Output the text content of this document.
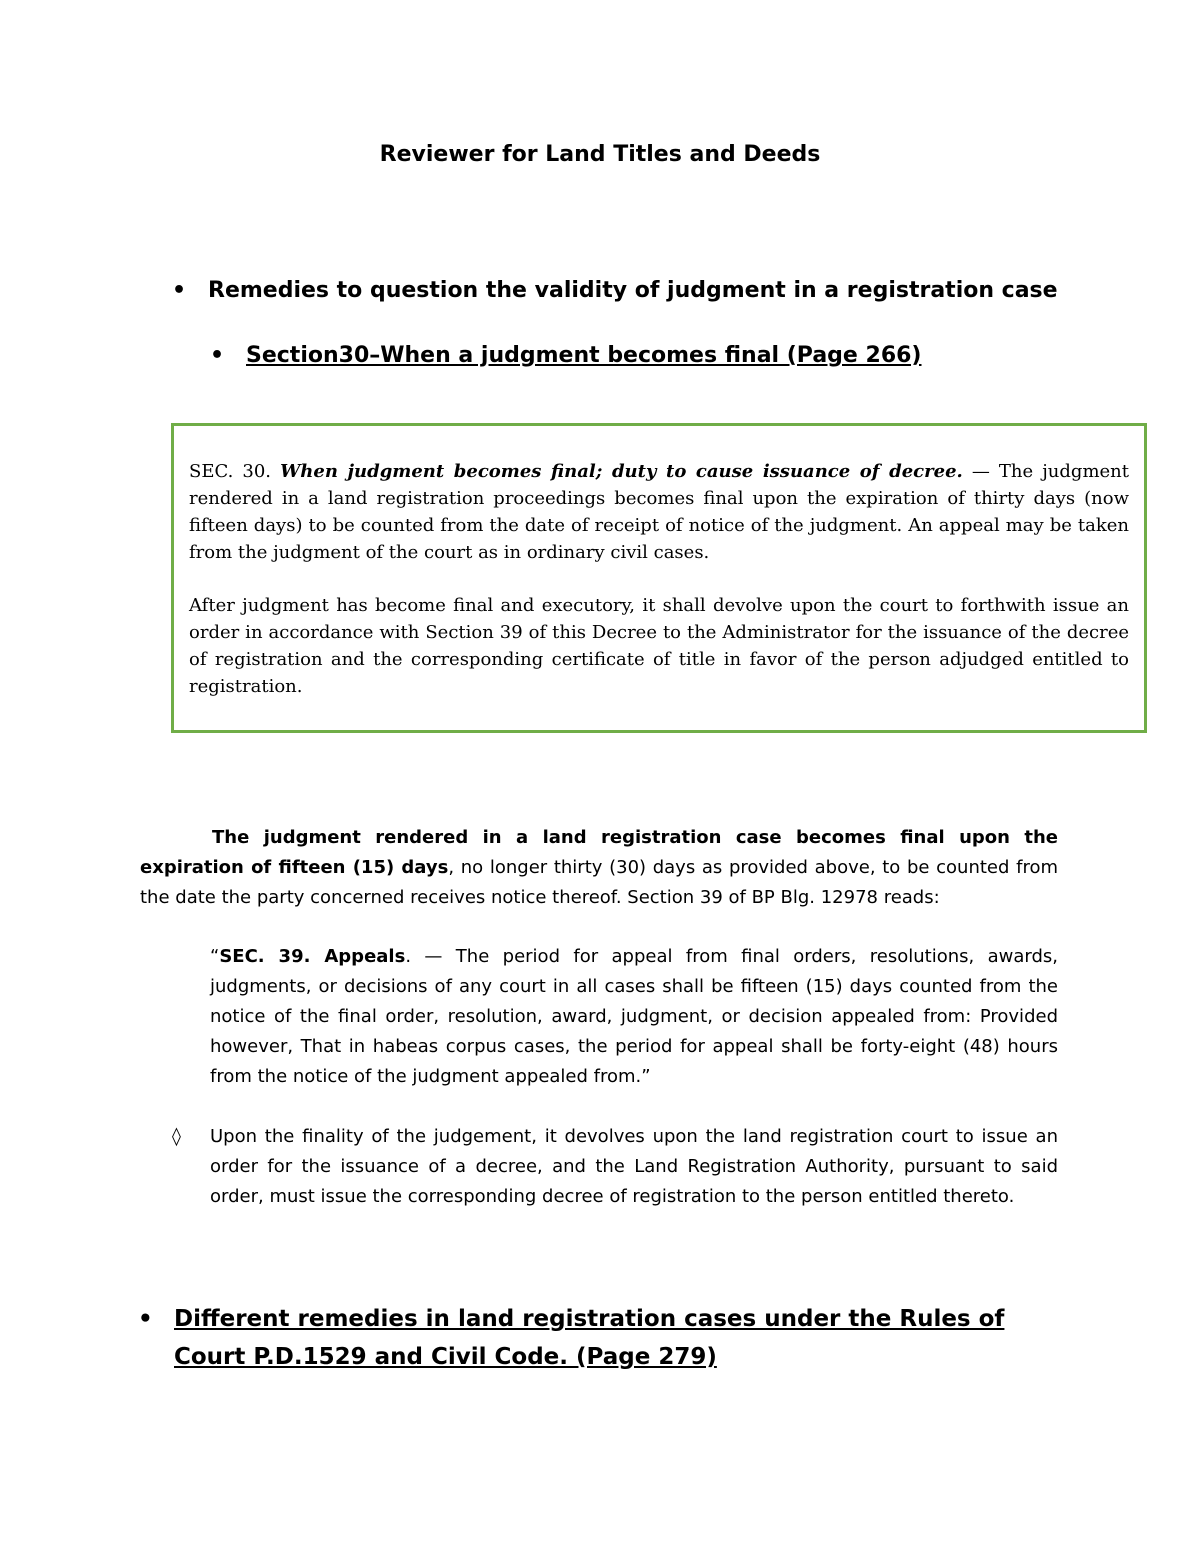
Reviewer for Land Titles and Deeds
• Remedies to question the validity of judgment in a registration case
• Section30–When a judgment becomes final (Page 266)

SEC. 30. When judgment becomes final; duty to cause issuance of decree. — The judgment rendered in a land registration proceedings becomes final upon the expiration of thirty days (now fifteen days) to be counted from the date of receipt of notice of the judgment. An appeal may be taken from the judgment of the court as in ordinary civil cases.

After judgment has become final and executory, it shall devolve upon the court to forthwith issue an order in accordance with Section 39 of this Decree to the Administrator for the issuance of the decree of registration and the corresponding certificate of title in favor of the person adjudged entitled to registration.

The judgment rendered in a land registration case becomes final upon the expiration of fifteen (15) days, no longer thirty (30) days as provided above, to be counted from the date the party concerned receives notice thereof. Section 39 of BP Blg. 12978 reads:
“SEC. 39. Appeals. — The period for appeal from final orders, resolutions, awards, judgments, or decisions of any court in all cases shall be fifteen (15) days counted from the notice of the final order, resolution, award, judgment, or decision appealed from: Provided however, That in habeas corpus cases, the period for appeal shall be forty-eight (48) hours from the notice of the judgment appealed from.”
◊	Upon the finality of the judgement, it devolves upon the land registration court to issue an order for the issuance of a decree, and the Land Registration Authority, pursuant to said order, must issue the corresponding decree of registration to the person entitled thereto.
• Different remedies in land registration cases under the Rules of Court P.D.1529 and Civil Code. (Page 279)
